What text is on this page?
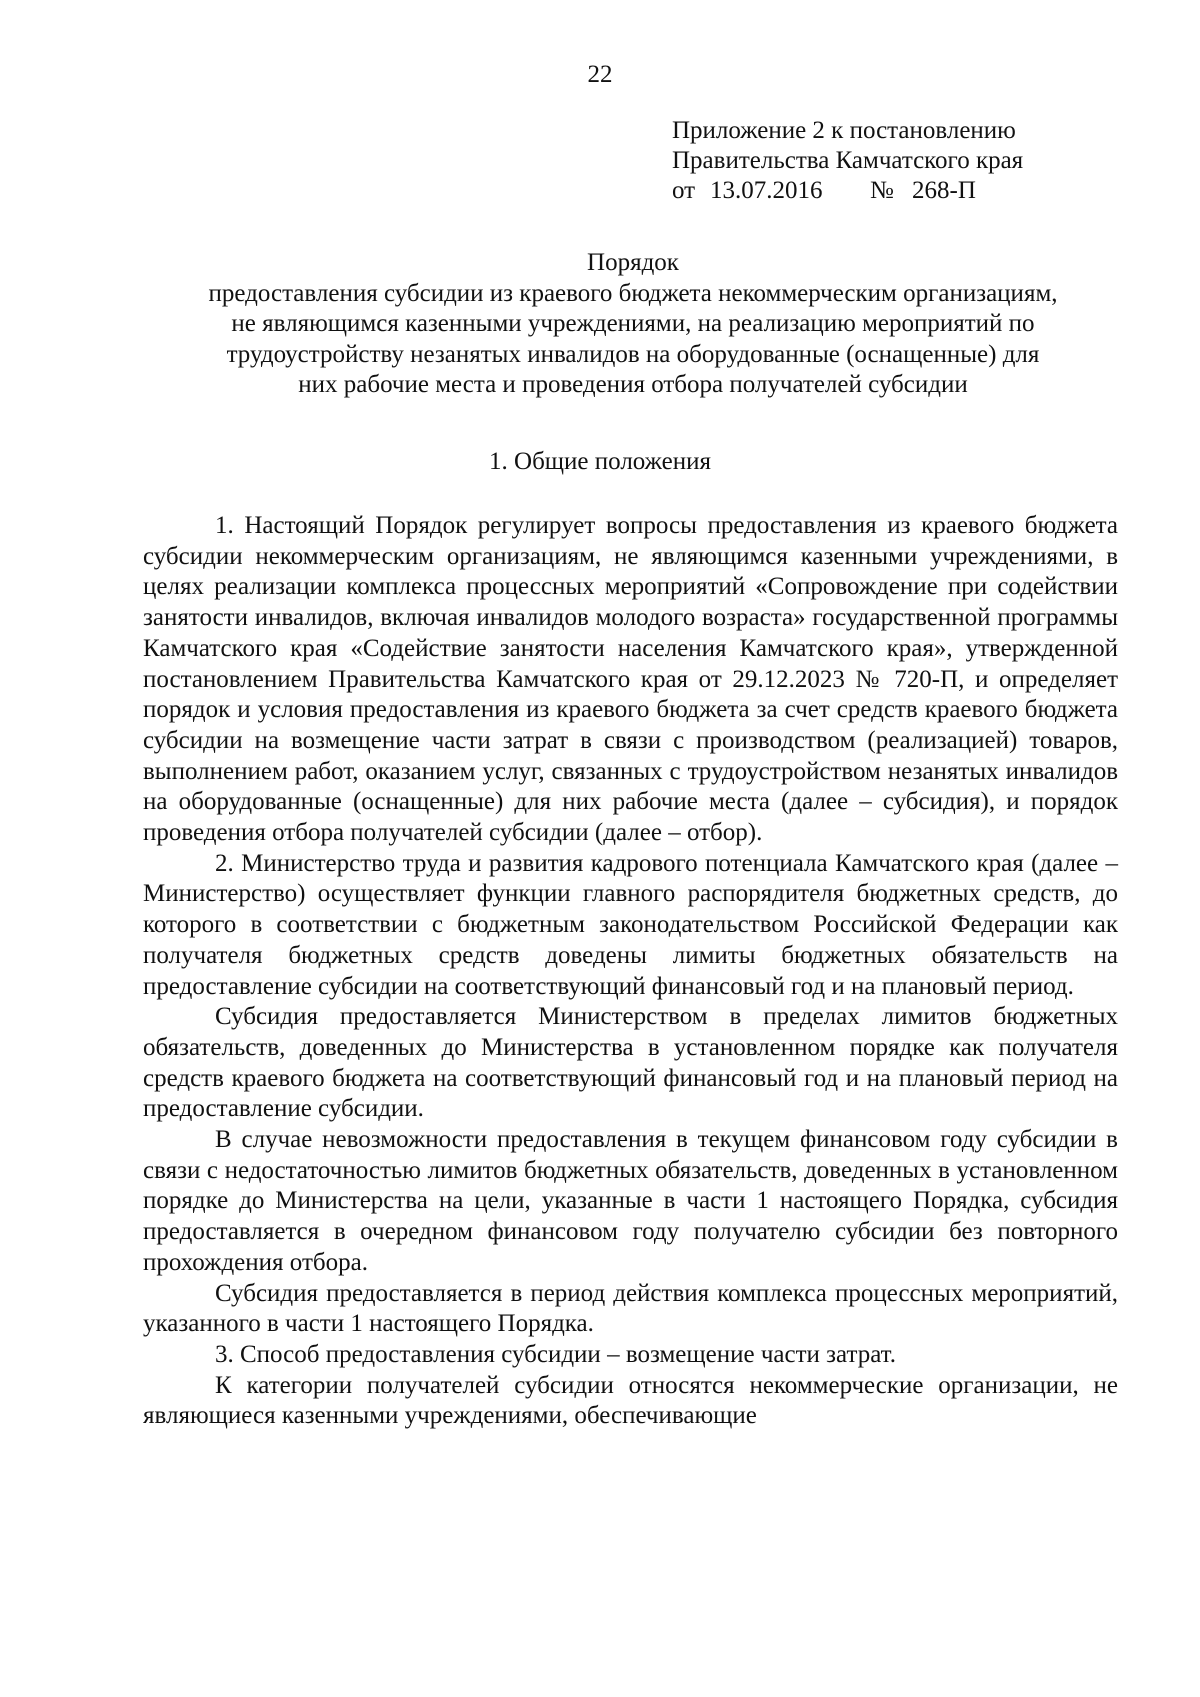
22
Приложение 2 к постановлению
Правительства Камчатского края
от 13.07.2016 № 268-П
Порядок
предоставления субсидии из краевого бюджета некоммерческим организациям,
не являющимся казенными учреждениями, на реализацию мероприятий по
трудоустройству незанятых инвалидов на оборудованные (оснащенные) для
них рабочие места и проведения отбора получателей субсидии
1. Общие положения

1. Настоящий Порядок регулирует вопросы предоставления из краевого бюджета субсидии некоммерческим организациям, не являющимся казенными учреждениями, в целях реализации комплекса процессных мероприятий «Сопровождение при содействии занятости инвалидов, включая инвалидов молодого возраста» государственной программы Камчатского края «Содействие занятости населения Камчатского края», утвержденной постановлением Правительства Камчатского края от 29.12.2023 № 720-П, и определяет порядок и условия предоставления из краевого бюджета за счет средств краевого бюджета субсидии на возмещение части затрат в связи с производством (реализацией) товаров, выполнением работ, оказанием услуг, связанных с трудоустройством незанятых инвалидов на оборудованные (оснащенные) для них рабочие места (далее – субсидия), и порядок проведения отбора получателей субсидии (далее – отбор).

2. Министерство труда и развития кадрового потенциала Камчатского края (далее – Министерство) осуществляет функции главного распорядителя бюджетных средств, до которого в соответствии с бюджетным законодательством Российской Федерации как получателя бюджетных средств доведены лимиты бюджетных обязательств на предоставление субсидии на соответствующий финансовый год и на плановый период.

Субсидия предоставляется Министерством в пределах лимитов бюджетных обязательств, доведенных до Министерства в установленном порядке как получателя средств краевого бюджета на соответствующий финансовый год и на плановый период на предоставление субсидии.

В случае невозможности предоставления в текущем финансовом году субсидии в связи с недостаточностью лимитов бюджетных обязательств, доведенных в установленном порядке до Министерства на цели, указанные в части 1 настоящего Порядка, субсидия предоставляется в очередном финансовом году получателю субсидии без повторного прохождения отбора.

Субсидия предоставляется в период действия комплекса процессных мероприятий, указанного в части 1 настоящего Порядка.

3. Способ предоставления субсидии – возмещение части затрат.

К категории получателей субсидии относятся некоммерческие организации, не являющиеся казенными учреждениями, обеспечивающие
